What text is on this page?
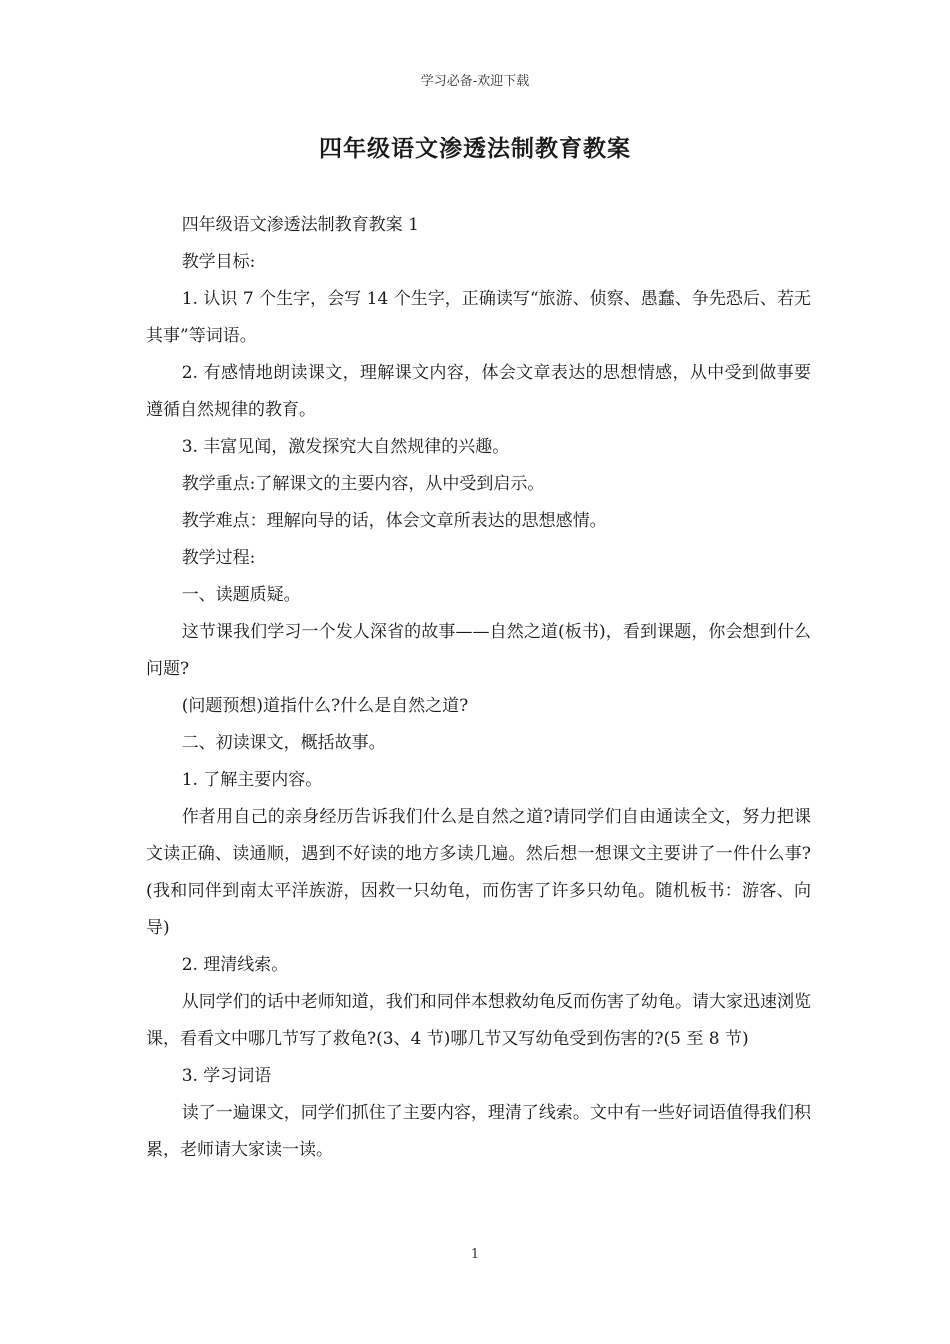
学习必备-欢迎下载
四年级语文渗透法制教育教案

四年级语文渗透法制教育教案 1

教学目标:

1. 认识 7 个生字，会写 14 个生字，正确读写“旅游、侦察、愚蠢、争先恐后、若无其事”等词语。

2. 有感情地朗读课文，理解课文内容，体会文章表达的思想情感，从中受到做事要遵循自然规律的教育。

3. 丰富见闻，激发探究大自然规律的兴趣。

教学重点:了解课文的主要内容，从中受到启示。

教学难点：理解向导的话，体会文章所表达的思想感情。

教学过程:

一、读题质疑。

这节课我们学习一个发人深省的故事——自然之道(板书)，看到课题，你会想到什么问题?

(问题预想)道指什么?什么是自然之道?

二、初读课文，概括故事。

1. 了解主要内容。

作者用自己的亲身经历告诉我们什么是自然之道?请同学们自由通读全文，努力把课文读正确、读通顺，遇到不好读的地方多读几遍。然后想一想课文主要讲了一件什么事?(我和同伴到南太平洋族游，因救一只幼龟，而伤害了许多只幼龟。随机板书：游客、向导)

2. 理清线索。

从同学们的话中老师知道，我们和同伴本想救幼龟反而伤害了幼龟。请大家迅速浏览课，看看文中哪几节写了救龟?(3、4 节)哪几节又写幼龟受到伤害的?(5 至 8 节)

3. 学习词语

读了一遍课文，同学们抓住了主要内容，理清了线索。文中有一些好词语值得我们积累，老师请大家读一读。

1
